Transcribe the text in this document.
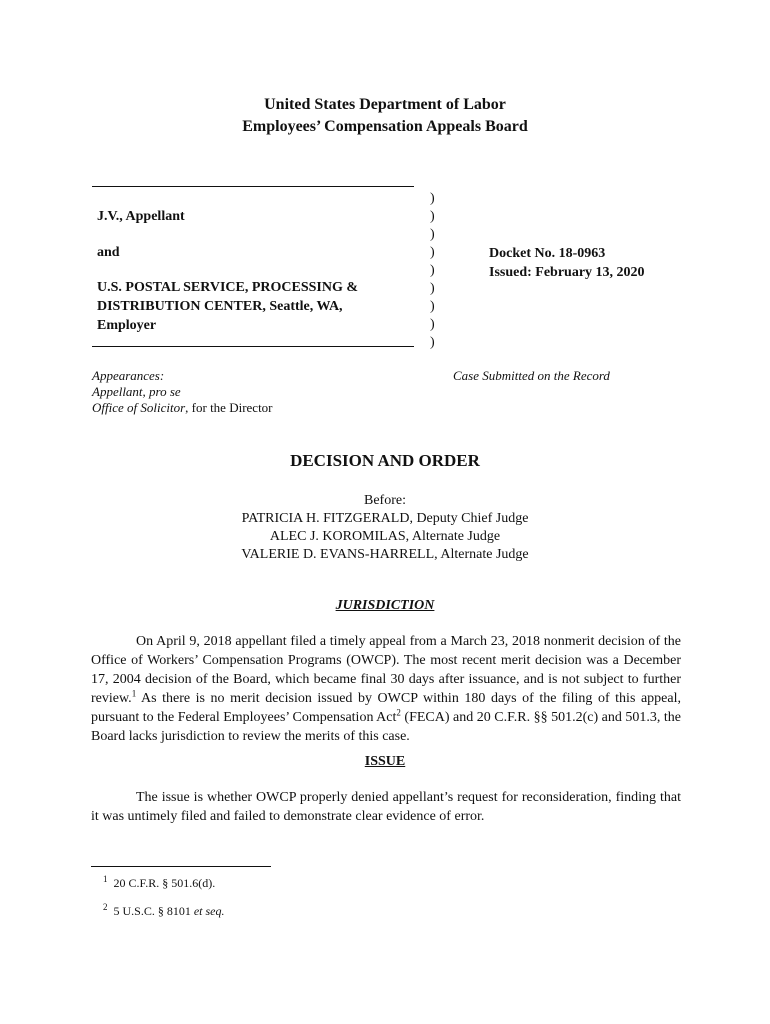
United States Department of Labor
Employees’ Compensation Appeals Board
J.V., Appellant
and
U.S. POSTAL SERVICE, PROCESSING &
DISTRIBUTION CENTER, Seattle, WA,
Employer
)
)
)
)
)
)
)
)
)
Docket No. 18-0963
Issued: February 13, 2020
Appearances:
Appellant, pro se
Office of Solicitor, for the Director
Case Submitted on the Record
DECISION AND ORDER
Before:
PATRICIA H. FITZGERALD, Deputy Chief Judge
ALEC J. KOROMILAS, Alternate Judge
VALERIE D. EVANS-HARRELL, Alternate Judge
JURISDICTION
On April 9, 2018 appellant filed a timely appeal from a March 23, 2018 nonmerit decision of the Office of Workers’ Compensation Programs (OWCP). The most recent merit decision was a December 17, 2004 decision of the Board, which became final 30 days after issuance, and is not subject to further review.$^1$ As there is no merit decision issued by OWCP within 180 days of the filing of this appeal, pursuant to the Federal Employees’ Compensation Act$^2$ (FECA) and 20 C.F.R. §§ 501.2(c) and 501.3, the Board lacks jurisdiction to review the merits of this case.
ISSUE
The issue is whether OWCP properly denied appellant’s request for reconsideration, finding that it was untimely filed and failed to demonstrate clear evidence of error.
$^1$ 20 C.F.R. § 501.6(d).
$^2$ 5 U.S.C. § 8101 et seq.
